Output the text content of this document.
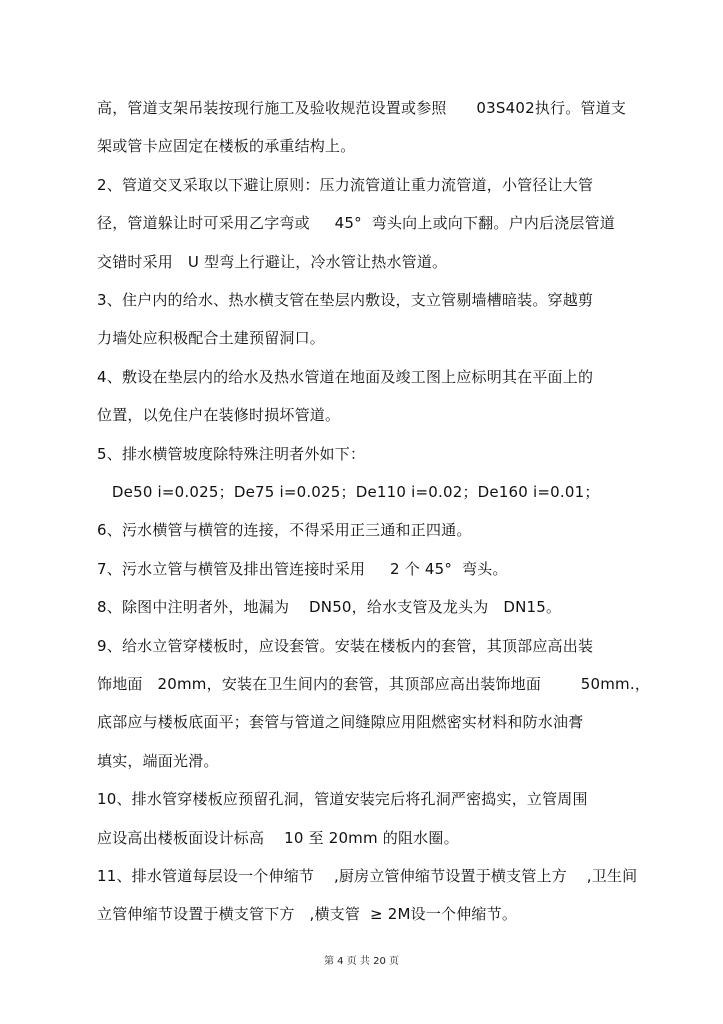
高，管道支架吊装按现行施工及验收规范设置或参照      03S402执行。管道支
架或管卡应固定在楼板的承重结构上。
2、管道交叉采取以下避让原则：压力流管道让重力流管道，小管径让大管
径，管道躲让时可采用乙字弯或     45°  弯头向上或向下翻。户内后浇层管道
交错时采用   U 型弯上行避让，冷水管让热水管道。
3、住户内的给水、热水横支管在垫层内敷设，支立管剔墙槽暗装。穿越剪
力墙处应积极配合土建预留洞口。
4、敷设在垫层内的给水及热水管道在地面及竣工图上应标明其在平面上的
位置，以免住户在装修时损坏管道。
5、排水横管坡度除特殊注明者外如下：
De50 i=0.025；De75 i=0.025；De110 i=0.02；De160 i=0.01；
6、污水横管与横管的连接，不得采用正三通和正四通。
7、污水立管与横管及排出管连接时采用     2 个 45°  弯头。
8、除图中注明者外，地漏为    DN50，给水支管及龙头为   DN15。
9、给水立管穿楼板时，应设套管。安装在楼板内的套管，其顶部应高出装
饰地面   20mm，安装在卫生间内的套管，其顶部应高出装饰地面        50mm.，
底部应与楼板底面平；套管与管道之间缝隙应用阻燃密实材料和防水油膏
填实，端面光滑。
10、排水管穿楼板应预留孔洞，管道安装完后将孔洞严密捣实，立管周围
应设高出楼板面设计标高    10 至 20mm 的阻水圈。
11、排水管道每层设一个伸缩节    ,厨房立管伸缩节设置于横支管上方    ,卫生间
立管伸缩节设置于横支管下方   ,横支管  ≥ 2M设一个伸缩节。
第 4 页 共 20 页
